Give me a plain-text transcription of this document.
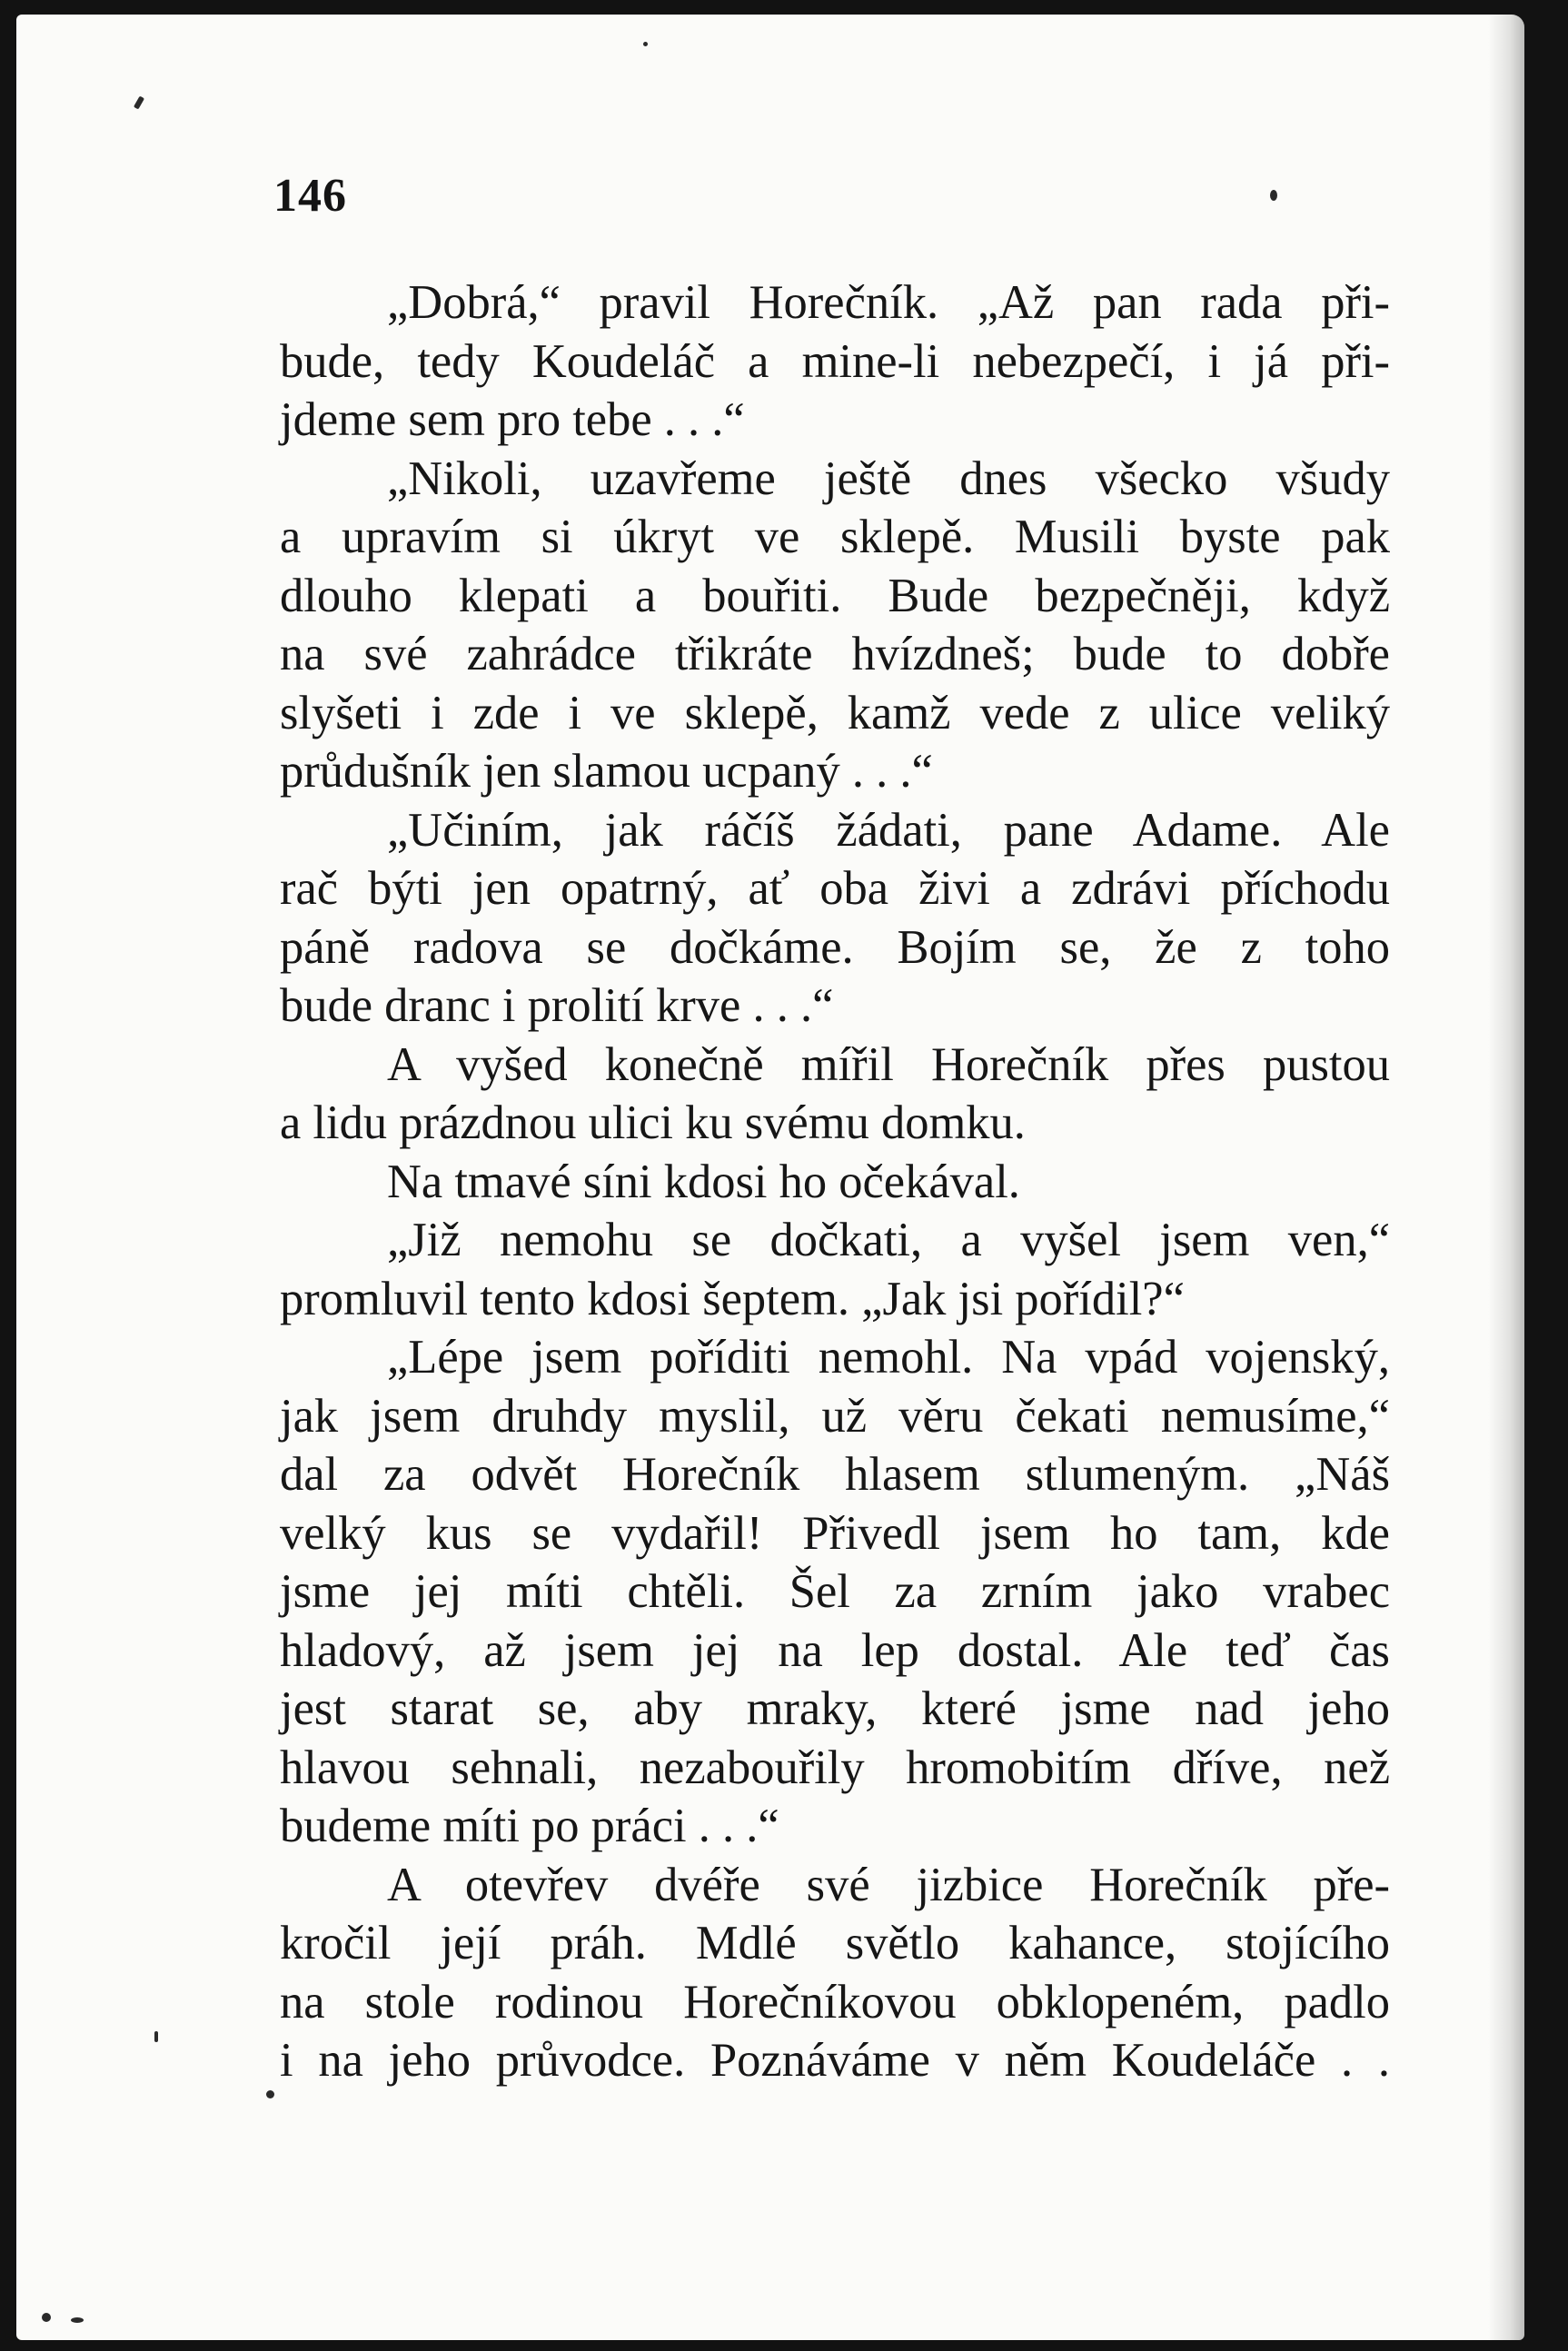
146
„Dobrá,“ pravil Horečník. „Až pan rada při-
bude, tedy Koudeláč a mine-li nebezpečí, i já při-
jdeme sem pro tebe . . .“
„Nikoli, uzavřeme ještě dnes všecko všudy
a upravím si úkryt ve sklepě. Musili byste pak
dlouho klepati a bouřiti. Bude bezpečněji, když
na své zahrádce třikráte hvízdneš; bude to dobře
slyšeti i zde i ve sklepě, kamž vede z ulice veliký
průdušník jen slamou ucpaný . . .“
„Učiním, jak ráčíš žádati, pane Adame. Ale
rač býti jen opatrný, ať oba živi a zdrávi příchodu
páně radova se dočkáme. Bojím se, že z toho
bude dranc i prolití krve . . .“
A vyšed konečně mířil Horečník přes pustou
a lidu prázdnou ulici ku svému domku.
Na tmavé síni kdosi ho očekával.
„Již nemohu se dočkati, a vyšel jsem ven,“
promluvil tento kdosi šeptem. „Jak jsi pořídil?“
„Lépe jsem poříditi nemohl. Na vpád vojenský,
jak jsem druhdy myslil, už věru čekati nemusíme,“
dal za odvět Horečník hlasem stlumeným. „Náš
velký kus se vydařil! Přivedl jsem ho tam, kde
jsme jej míti chtěli. Šel za zrním jako vrabec
hladový, až jsem jej na lep dostal. Ale teď čas
jest starat se, aby mraky, které jsme nad jeho
hlavou sehnali, nezabouřily hromobitím dříve, než
budeme míti po práci . . .“
A otevřev dvéře své jizbice Horečník pře-
kročil její práh. Mdlé světlo kahance, stojícího
na stole rodinou Horečníkovou obklopeném, padlo
i na jeho průvodce. Poznáváme v něm Koudeláče . .
